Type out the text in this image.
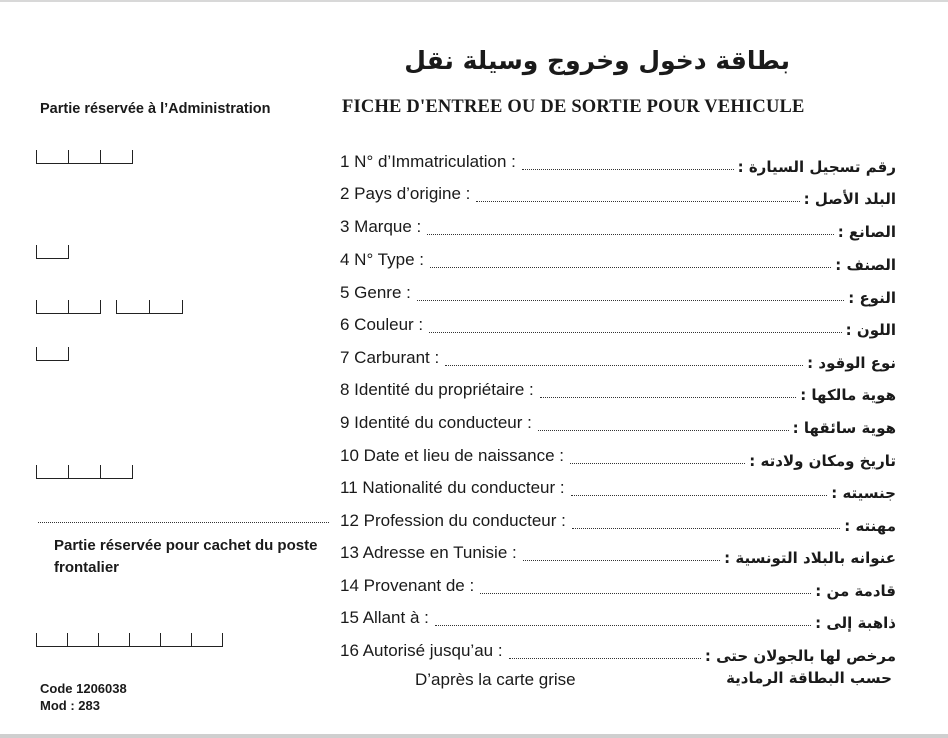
بطاقة دخول وخروج وسيلة نقل
FICHE D'ENTREE OU DE SORTIE POUR VEHICULE
Partie réservée à l’Administration
1 N° d’Immatriculation :	رقم تسجيل السيارة :
2 Pays d’origine :	البلد الأصل :
3 Marque :	الصانع :
4 N° Type :	الصنف :
5 Genre :	النوع :
6 Couleur :	اللون :
7 Carburant :	نوع الوقود :
8 Identité du propriétaire :	هوية مالكها :
9 Identité du conducteur :	هوية سائقها :
10 Date et lieu de naissance :	تاريخ ومكان ولادته :
11 Nationalité du conducteur :	جنسيته :
12 Profession du conducteur :	مهنته :
13 Adresse en Tunisie :	عنوانه بالبلاد التونسية :
14 Provenant de :	قادمة من :
15 Allant à :	ذاهبة إلى :
16 Autorisé jusqu’au :	مرخص لها بالجولان حتى :
Partie réservée pour cachet du poste frontalier
Code 1206038
Mod : 283
D’après la carte grise	حسب البطاقة الرمادية
